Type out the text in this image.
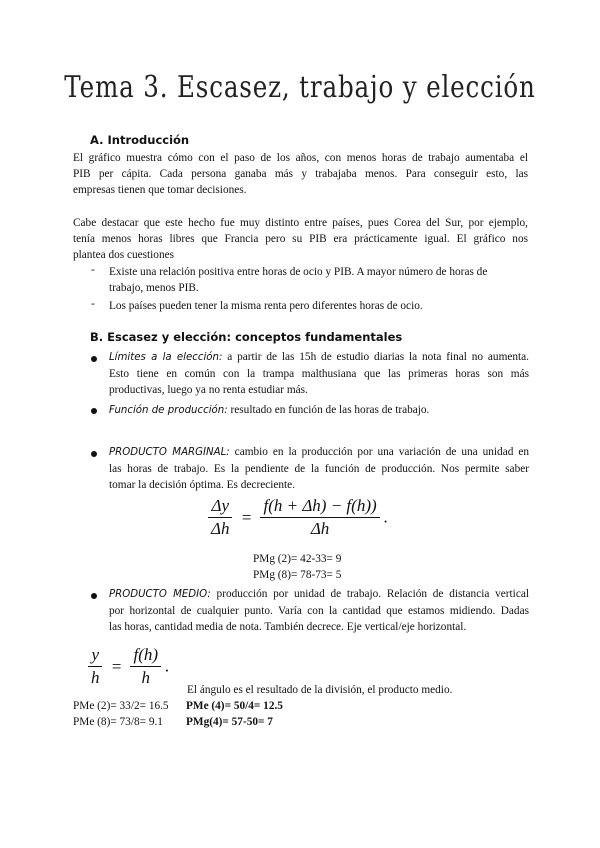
Tema 3. Escasez, trabajo y elección
A. Introducción
El gráfico muestra cómo con el paso de los años, con menos horas de trabajo aumentaba el
PIB per cápita. Cada persona ganaba más y trabajaba menos. Para conseguir esto, las
empresas tienen que tomar decisiones.
Cabe destacar que este hecho fue muy distinto entre países, pues Corea del Sur, por ejemplo,
tenía menos horas libres que Francia pero su PIB era prácticamente igual. El gráfico nos
plantea dos cuestiones
- Existe una relación positiva entre horas de ocio y PIB. A mayor número de horas de
trabajo, menos PIB.
- Los países pueden tener la misma renta pero diferentes horas de ocio.
B. Escasez y elección: conceptos fundamentales
Límites a la elección: a partir de las 15h de estudio diarias la nota final no aumenta.
Esto tiene en común con la trampa malthusiana que las primeras horas son más
productivas, luego ya no renta estudiar más.
Función de producción: resultado en función de las horas de trabajo.
PRODUCTO MARGINAL: cambio en la producción por una variación de una unidad en
las horas de trabajo. Es la pendiente de la función de producción. Nos permite saber
tomar la decisión óptima. Es decreciente.
$\frac{\Delta y}{\Delta h} = \frac{f(h + \Delta h) - f(h))}{\Delta h}$ .
PMg (2)= 42-33= 9
PMg (8)= 78-73= 5
PRODUCTO MEDIO: producción por unidad de trabajo. Relación de distancia vertical
por horizontal de cualquier punto. Varía con la cantidad que estamos midiendo. Dadas
las horas, cantidad media de nota. También decrece. Eje vertical/eje horizontal.
$\frac{y}{h} = \frac{f(h)}{h}$ .
El ángulo es el resultado de la división, el producto medio.
PMe (2)= 33/2= 16.5 PMe (4)= 50/4= 12.5
PMe (8)= 73/8= 9.1 PMg(4)= 57-50= 7
